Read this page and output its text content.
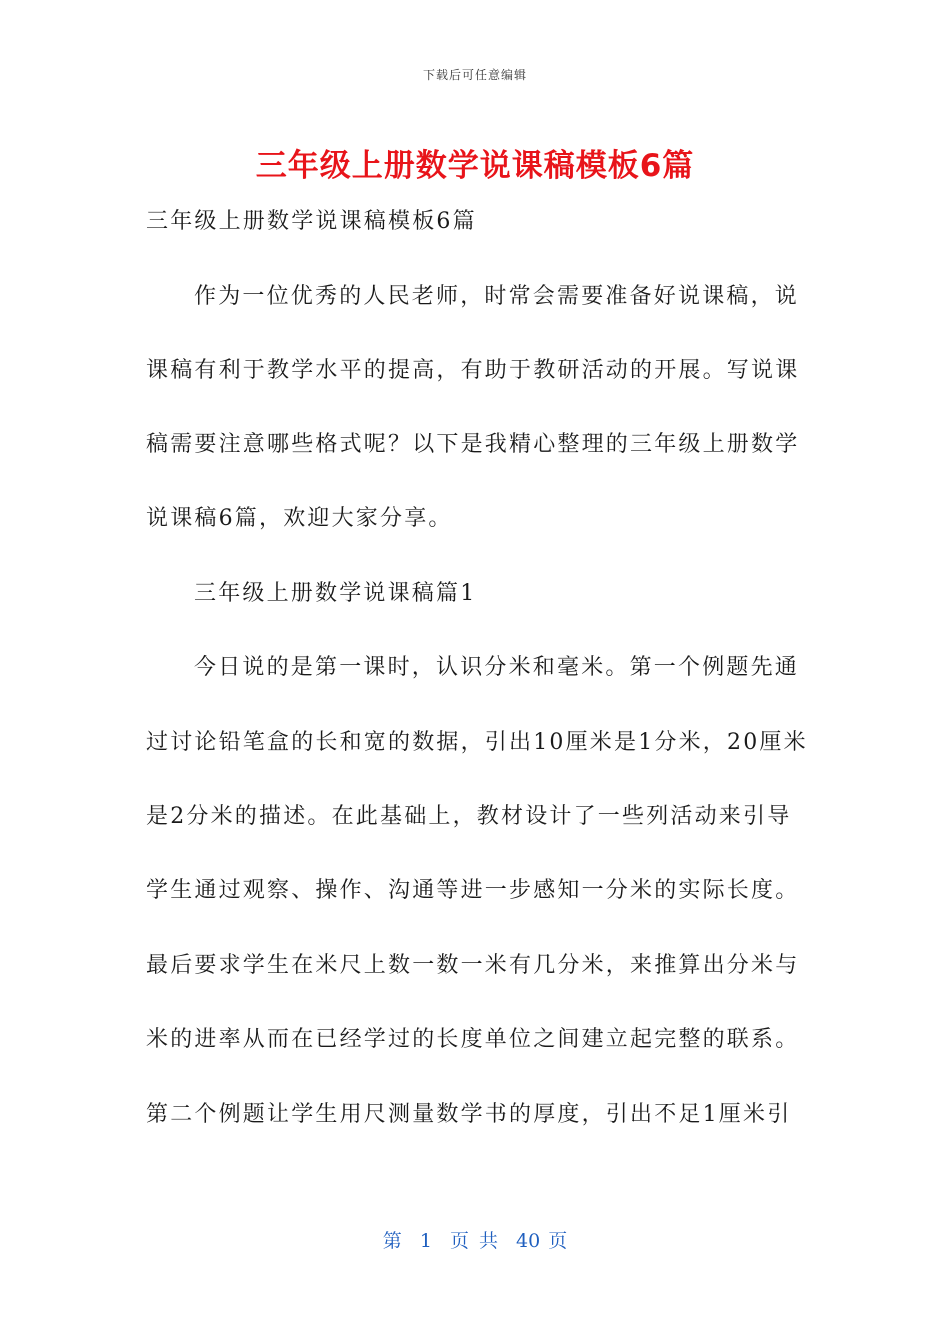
下载后可任意编辑
三年级上册数学说课稿模板6篇

三年级上册数学说课稿模板6篇

作为一位优秀的人民老师，时常会需要准备好说课稿，说

课稿有利于教学水平的提高，有助于教研活动的开展。写说课

稿需要注意哪些格式呢？以下是我精心整理的三年级上册数学

说课稿6篇，欢迎大家分享。

三年级上册数学说课稿篇1

今日说的是第一课时，认识分米和毫米。第一个例题先通

过讨论铅笔盒的长和宽的数据，引出10厘米是1分米，20厘米

是2分米的描述。在此基础上，教材设计了一些列活动来引导

学生通过观察、操作、沟通等进一步感知一分米的实际长度。

最后要求学生在米尺上数一数一米有几分米，来推算出分米与

米的进率从而在已经学过的长度单位之间建立起完整的联系。

第二个例题让学生用尺测量数学书的厚度，引出不足1厘米引

第 1 页 共 40 页
